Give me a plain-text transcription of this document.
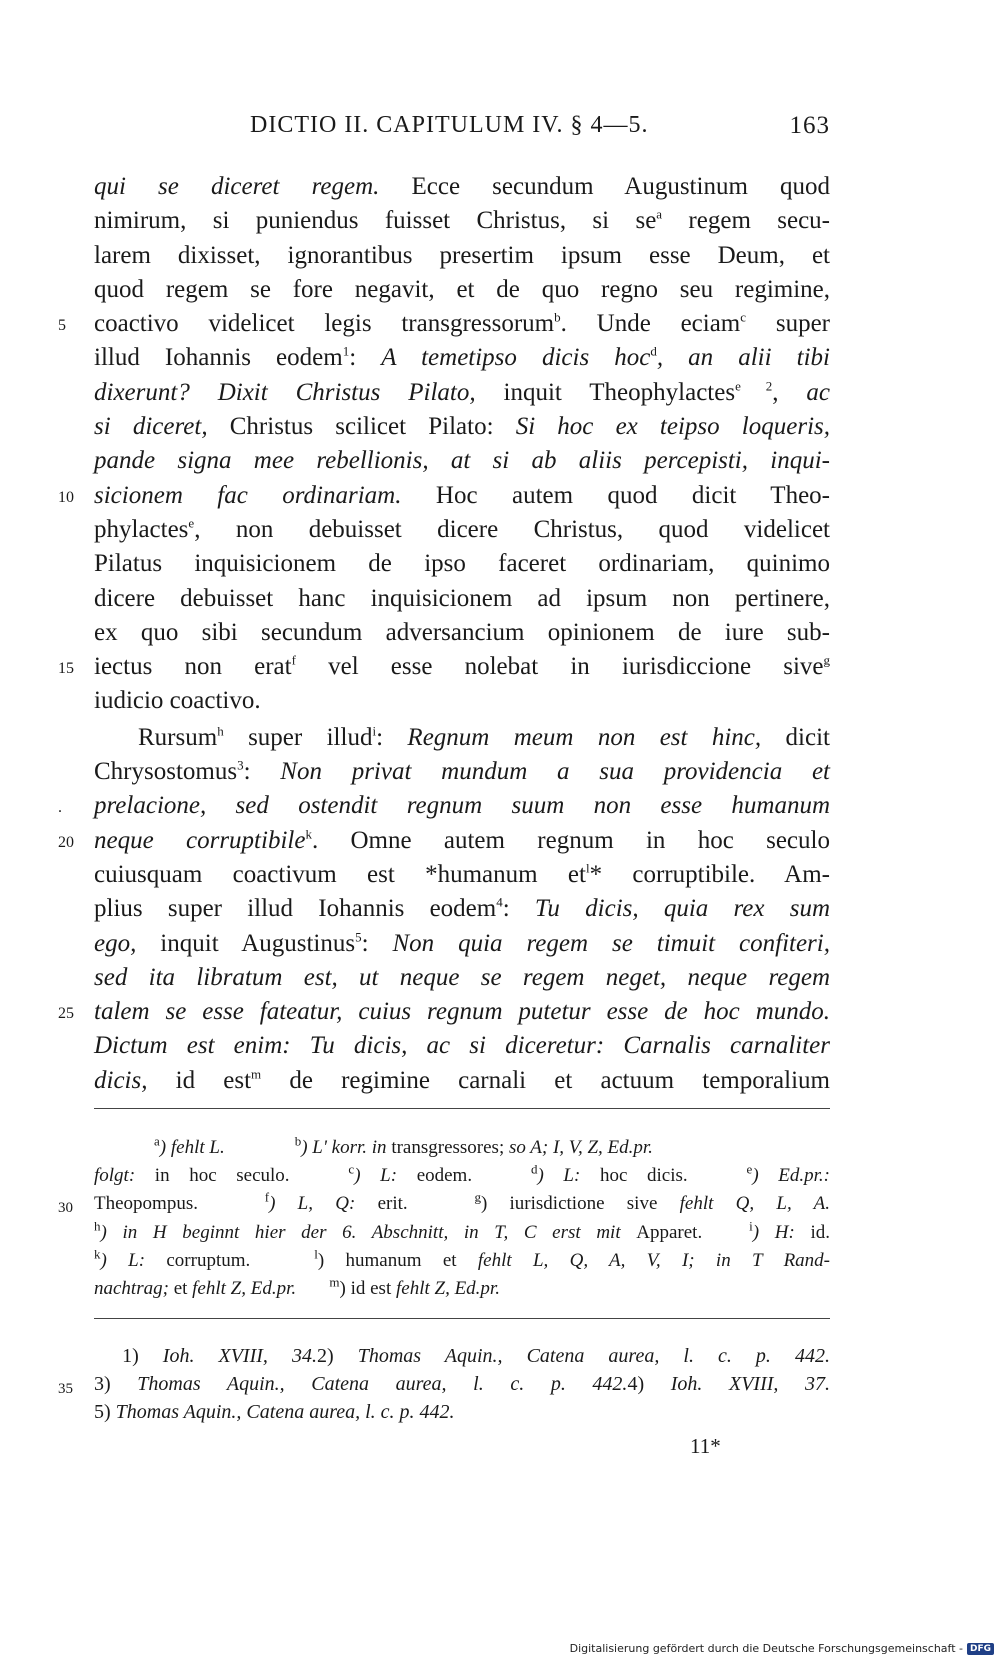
DICTIO II. CAPITULUM IV. § 4—5.	163
qui se diceret regem. Ecce secundum Augustinum quod
nimirum, si puniendus fuisset Christus, si $se^a$ regem secu-
larem dixisset, ignorantibus presertim ipsum esse Deum, et
quod regem se fore negavit, et de quo regno seu regimine,
5	coactivo videlicet legis transgressorum$^b$. Unde eciam$^c$ super
illud Iohannis eodem$^1$: A temetipso dicis hoc$^d$, an alii tibi
dixerunt? Dixit Christus Pilato, inquit Theophylactes$^{e 2}$, ac
si diceret, Christus scilicet Pilato: Si hoc ex teipso loqueris,
pande signa mee rebellionis, at si ab aliis percepisti, inqui-
10 sicionem fac ordinariam. Hoc autem quod dicit Theo-
phylactes$^e$, non debuisset dicere Christus, quod videlicet
Pilatus inquisicionem de ipso faceret ordinariam, quinimo
dicere debuisset hanc inquisicionem ad ipsum non pertinere,
ex quo sibi secundum adversancium opinionem de iure sub-
15 iectus non erat$^f$ vel esse nolebat in iurisdiccione sive$^g$
iudicio coactivo.
Rursum$^h$ super illud$^i$: Regnum meum non est hinc, dicit
Chrysostomus$^3$: Non privat mundum a sua providencia et
.	prelacione, sed ostendit regnum suum non esse humanum
20 neque corruptibile$^k$. Omne autem regnum in hoc seculo
cuiusquam coactivum est *humanum $et^l*$ corruptibile. Am-
plius super illud Iohannis eodem$^4$: Tu dicis, quia rex sum
ego, inquit Augustinus$^5$: Non quia regem se timuit confiteri,
sed ita libratum est, ut neque se regem neget, neque regem
25 talem se esse fateatur, cuius regnum putetur esse de hoc mundo.
Dictum est enim: Tu dicis, ac si diceretur: Carnalis carnaliter
dicis, id est$^m$ de regimine carnali et actuum temporalium
$^a$) fehlt L.	$^b$) L' korr. in transgressores; so A; I, V, Z, Ed.pr.
folgt: in hoc seculo.	$^c$) L: eodem.	$^d$) L: hoc dicis.	$^e$) Ed.pr.:
30	Theopompus.	$^f$) L, Q: erit.	$^g$) iurisdictione sive fehlt Q, L, A.
$^h$) in H beginnt hier der 6. Abschnitt, in T, C erst mit Apparet.	$^i$) H: id.
$^k$) L: corruptum.	$^l$) humanum et fehlt L, Q, A, V, I; in T Rand-
nachtrag; et fehlt Z, Ed.pr.	$^m$) id est fehlt Z, Ed.pr.
1) Ioh. XVIII, 34.2) Thomas Aquin., Catena aurea, l. c. p. 442.
35	3) Thomas Aquin., Catena aurea, l. c. p. 442.4) Ioh. XVIII, 37.
5) Thomas Aquin., Catena aurea, l. c. p. 442.
11*
Digitalisierung gefördert durch die Deutsche Forschungsgemeinschaft - DFG
